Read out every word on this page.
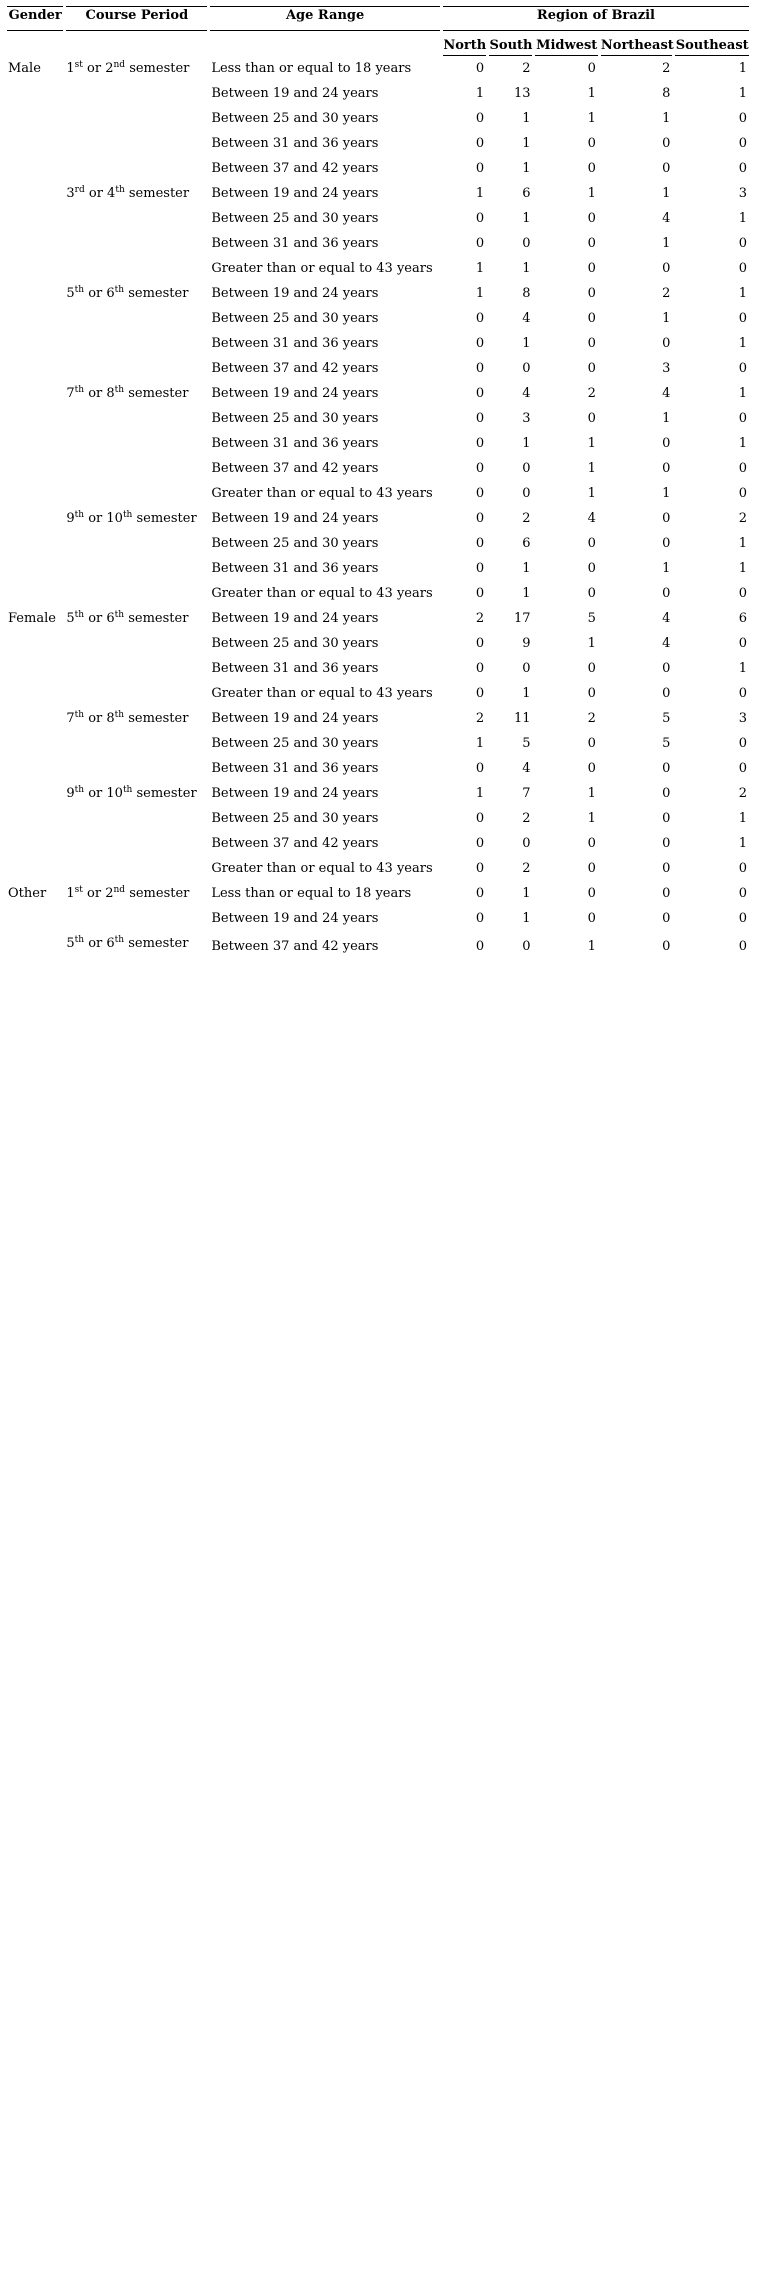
Gender	Course Period	Age Range	Region of Brazil				
			North	South	Midwest	Northeast	Southeast
Male	1st or 2nd semester	Less than or equal to 18 years	0	2	0	2	1
		Between 19 and 24 years	1	13	1	8	1
		Between 25 and 30 years	0	1	1	1	0
		Between 31 and 36 years	0	1	0	0	0
		Between 37 and 42 years	0	1	0	0	0
	3rd or 4th semester	Between 19 and 24 years	1	6	1	1	3
		Between 25 and 30 years	0	1	0	4	1
		Between 31 and 36 years	0	0	0	1	0
		Greater than or equal to 43 years	1	1	0	0	0
	5th or 6th semester	Between 19 and 24 years	1	8	0	2	1
		Between 25 and 30 years	0	4	0	1	0
		Between 31 and 36 years	0	1	0	0	1
		Between 37 and 42 years	0	0	0	3	0
	7th or 8th semester	Between 19 and 24 years	0	4	2	4	1
		Between 25 and 30 years	0	3	0	1	0
		Between 31 and 36 years	0	1	1	0	1
		Between 37 and 42 years	0	0	1	0	0
		Greater than or equal to 43 years	0	0	1	1	0
	9th or 10th semester	Between 19 and 24 years	0	2	4	0	2
		Between 25 and 30 years	0	6	0	0	1
		Between 31 and 36 years	0	1	0	1	1
		Greater than or equal to 43 years	0	1	0	0	0
Female	5th or 6th semester	Between 19 and 24 years	2	17	5	4	6
		Between 25 and 30 years	0	9	1	4	0
		Between 31 and 36 years	0	0	0	0	1
		Greater than or equal to 43 years	0	1	0	0	0
	7th or 8th semester	Between 19 and 24 years	2	11	2	5	3
		Between 25 and 30 years	1	5	0	5	0
		Between 31 and 36 years	0	4	0	0	0
	9th or 10th semester	Between 19 and 24 years	1	7	1	0	2
		Between 25 and 30 years	0	2	1	0	1
		Between 37 and 42 years	0	0	0	0	1
		Greater than or equal to 43 years	0	2	0	0	0
Other	1st or 2nd semester	Less than or equal to 18 years	0	1	0	0	0
		Between 19 and 24 years	0	1	0	0	0
	5th or 6th semester	Between 37 and 42 years	0	0	1	0	0
